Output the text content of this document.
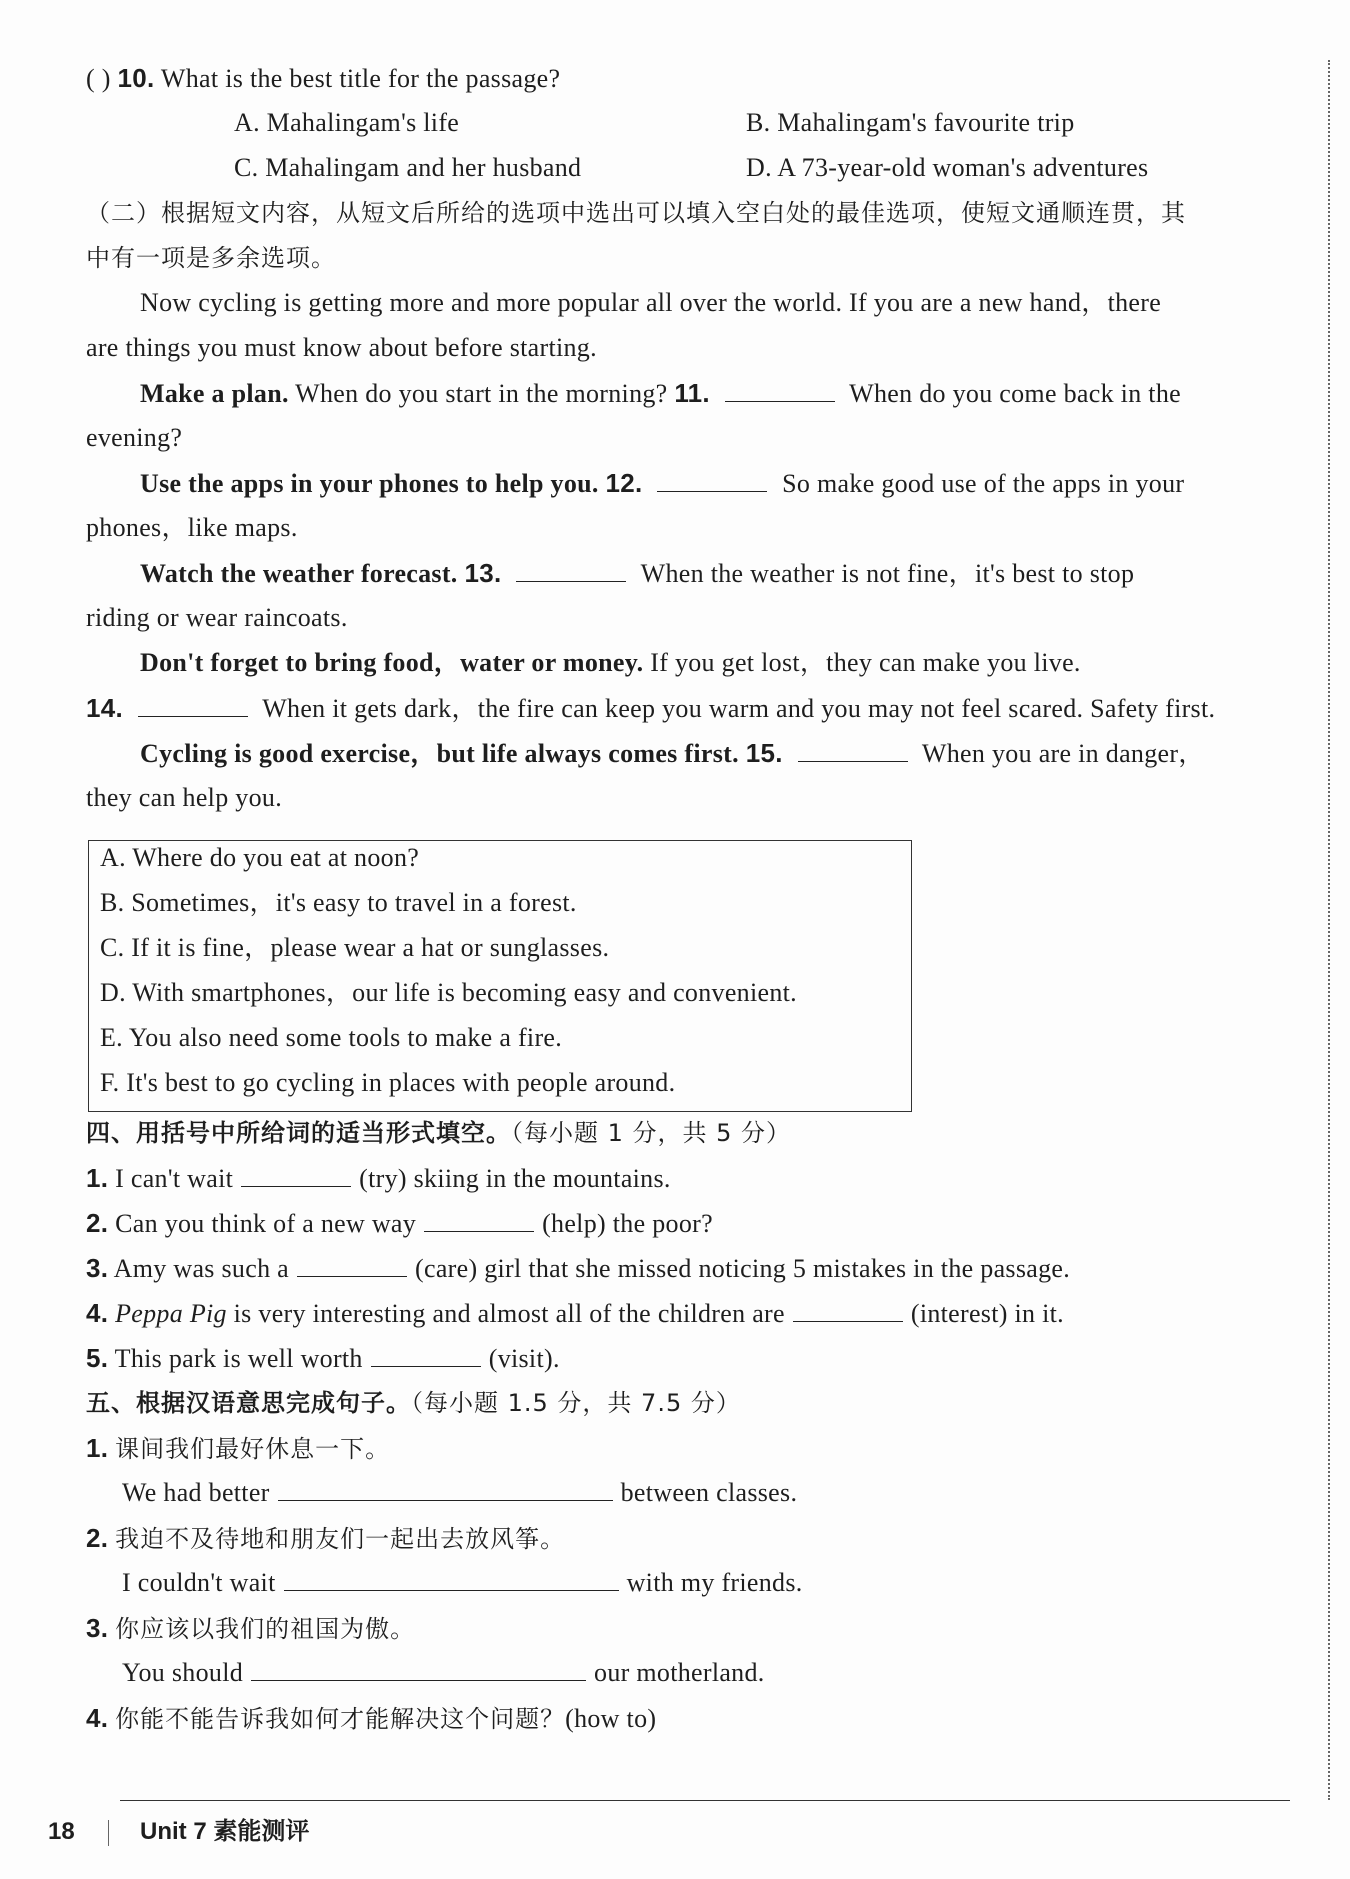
( ) 10. What is the best title for the passage?
A. Mahalingam's life	B. Mahalingam's favourite trip
C. Mahalingam and her husband	D. A 73-year-old woman's adventures
（二）根据短文内容，从短文后所给的选项中选出可以填入空白处的最佳选项，使短文通顺连贯，其
中有一项是多余选项。
Now cycling is getting more and more popular all over the world. If you are a new hand，there
are things you must know about before starting.
Make a plan. When do you start in the morning? 11.	When do you come back in the
evening?
Use the apps in your phones to help you. 12.	So make good use of the apps in your
phones，like maps.
Watch the weather forecast. 13.	When the weather is not fine，it's best to stop
riding or wear raincoats.
Don't forget to bring food，water or money. If you get lost，they can make you live.
14.	When it gets dark，the fire can keep you warm and you may not feel scared. Safety first.
Cycling is good exercise，but life always comes first. 15.	When you are in danger，
they can help you.
A. Where do you eat at noon?
B. Sometimes，it's easy to travel in a forest.
C. If it is fine，please wear a hat or sunglasses.
D. With smartphones，our life is becoming easy and convenient.
E. You also need some tools to make a fire.
F. It's best to go cycling in places with people around.
四、用括号中所给词的适当形式填空。（每小题 1 分，共 5 分）
1. I can't wait	(try) skiing in the mountains.
2. Can you think of a new way	(help) the poor?
3. Amy was such a	(care) girl that she missed noticing 5 mistakes in the passage.
4. Peppa Pig is very interesting and almost all of the children are	(interest) in it.
5. This park is well worth	(visit).
五、根据汉语意思完成句子。（每小题 1.5 分，共 7.5 分）
1. 课间我们最好休息一下。
We had better	between classes.
2. 我迫不及待地和朋友们一起出去放风筝。
I couldn't wait	with my friends.
3. 你应该以我们的祖国为傲。
You should	our motherland.
4. 你能不能告诉我如何才能解决这个问题？(how to)
18	Unit 7 素能测评
